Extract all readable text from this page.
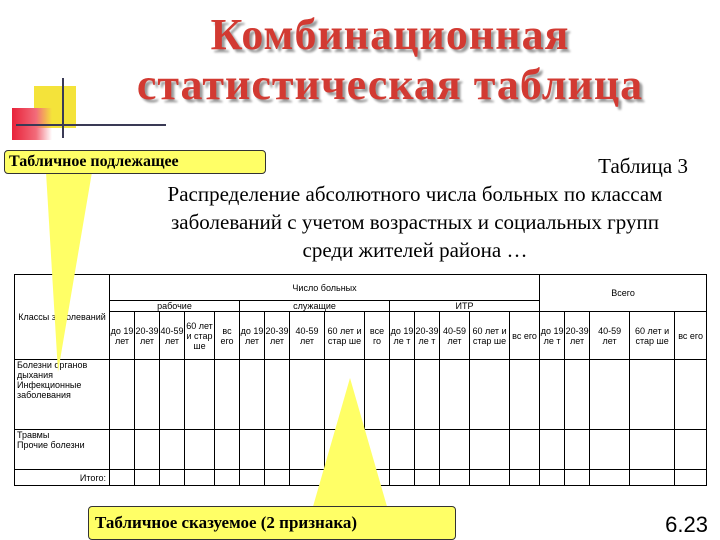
Комбинационная
статистическая таблица
Табличное подлежащее	Таблица 3
Распределение абсолютного числа больных по классам
заболеваний с учетом возрастных и социальных групп
среди жителей района …
Классы заболеваний	Число больных															Всего				
	рабочие					служащие					ИТР									
	до 19 лет	20-39 лет	40-59 лет	60 лет и стар ше	вс его	до 19 лет	20-39 лет	40-59 лет	60 лет и стар ше	все го	до 19 ле т	20-39 ле т	40-59 лет	60 лет и стар ше	вс его	до 19 ле т	20-39 лет	40-59 лет	60 лет и стар ше	вс его

Болезни органов дыхания
Инфекционные заболевания																				

Травмы
Прочие болезни																				

Итого:																				
Табличное сказуемое (2 признака)	6.23
